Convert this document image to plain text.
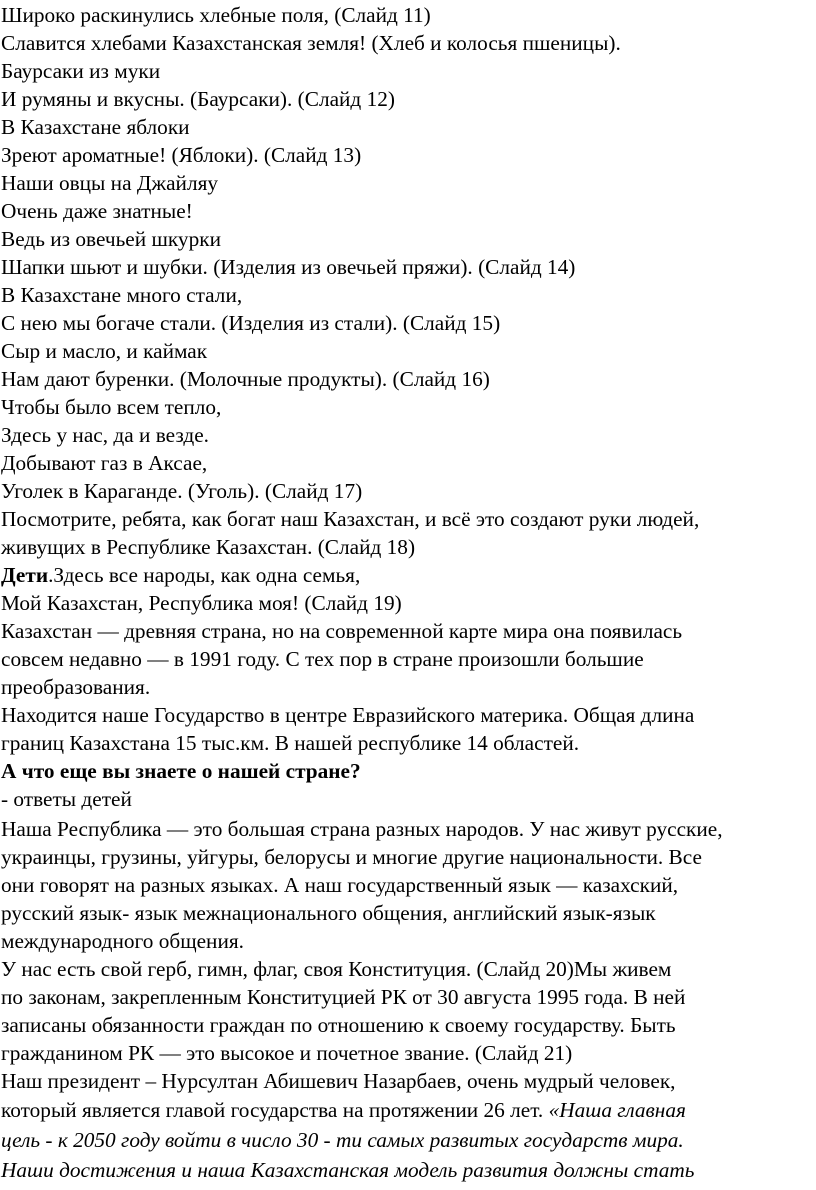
Широко раскинулись хлебные поля, (Слайд 11)
Славится хлебами Казахстанская земля! (Хлеб и колосья пшеницы).
Баурсаки из муки
И румяны и вкусны. (Баурсаки). (Слайд 12)
В Казахстане яблоки
Зреют ароматные! (Яблоки). (Слайд 13)
Наши овцы на Джайляу
Очень даже знатные!
Ведь из овечьей шкурки
Шапки шьют и шубки. (Изделия из овечьей пряжи). (Слайд 14)
В Казахстане много стали,
С нею мы богаче стали. (Изделия из стали). (Слайд 15)
Сыр и масло, и каймак
Нам дают буренки. (Молочные продукты). (Слайд 16)
Чтобы было всем тепло,
Здесь у нас, да и везде.
Добывают газ в Аксае,
Уголек в Караганде. (Уголь). (Слайд 17)
Посмотрите, ребята, как богат наш Казахстан, и всё это создают руки людей,
живущих в Республике Казахстан. (Слайд 18)
Дети.Здесь все народы, как одна семья,
Мой Казахстан, Республика моя! (Слайд 19)
Казахстан — древняя страна, но на современной карте мира она появилась
совсем недавно — в 1991 году. С тех пор в стране произошли большие
преобразования.
Находится наше Государство в центре Евразийского материка. Общая длина
границ Казахстана 15 тыс.км. В нашей республике 14 областей.
А что еще вы знаете о нашей стране?
- ответы детей
Наша Республика — это большая страна разных народов. У нас живут русские,
украинцы, грузины, уйгуры, белорусы и многие другие национальности. Все
они говорят на разных языках. А наш государственный язык — казахский,
русский язык- язык межнационального общения, английский язык-язык
международного общения.
У нас есть свой герб, гимн, флаг, своя Конституция. (Слайд 20)Мы живем
по законам, закрепленным Конституцией РК от 30 августа 1995 года. В ней
записаны обязанности граждан по отношению к своему государству. Быть
гражданином РК — это высокое и почетное звание. (Слайд 21)
Наш президент – Нурсултан Абишевич Назарбаев, очень мудрый человек,
который является главой государства на протяжении 26 лет. «Наша главная
цель - к 2050 году войти в число 30 - ти самых развитых государств мира.
Наши достижения и наша Казахстанская модель развития должны стать
